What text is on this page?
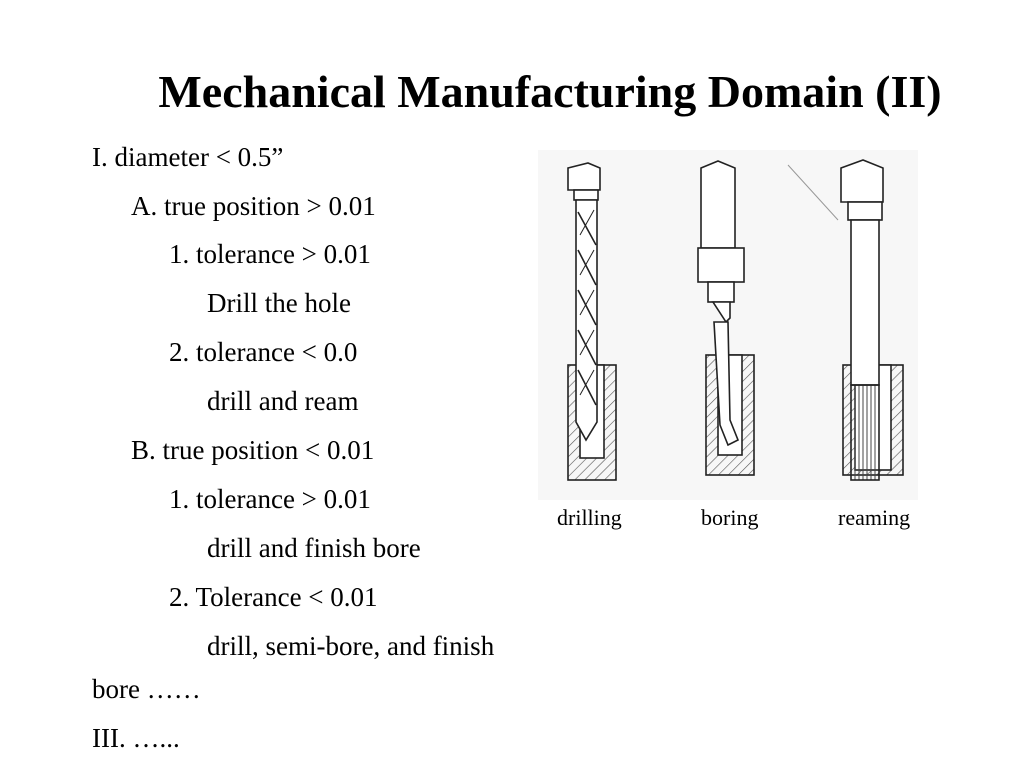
Mechanical Manufacturing Domain (II)
I. diameter < 0.5”
A. true position > 0.01
1. tolerance > 0.01
Drill the hole
2. tolerance < 0.0
drill and ream
B. true position < 0.01
1. tolerance > 0.01
drill and finish bore
2. Tolerance < 0.01
drill, semi-bore, and finish
bore ……
III. …...
drilling	boring	reaming
